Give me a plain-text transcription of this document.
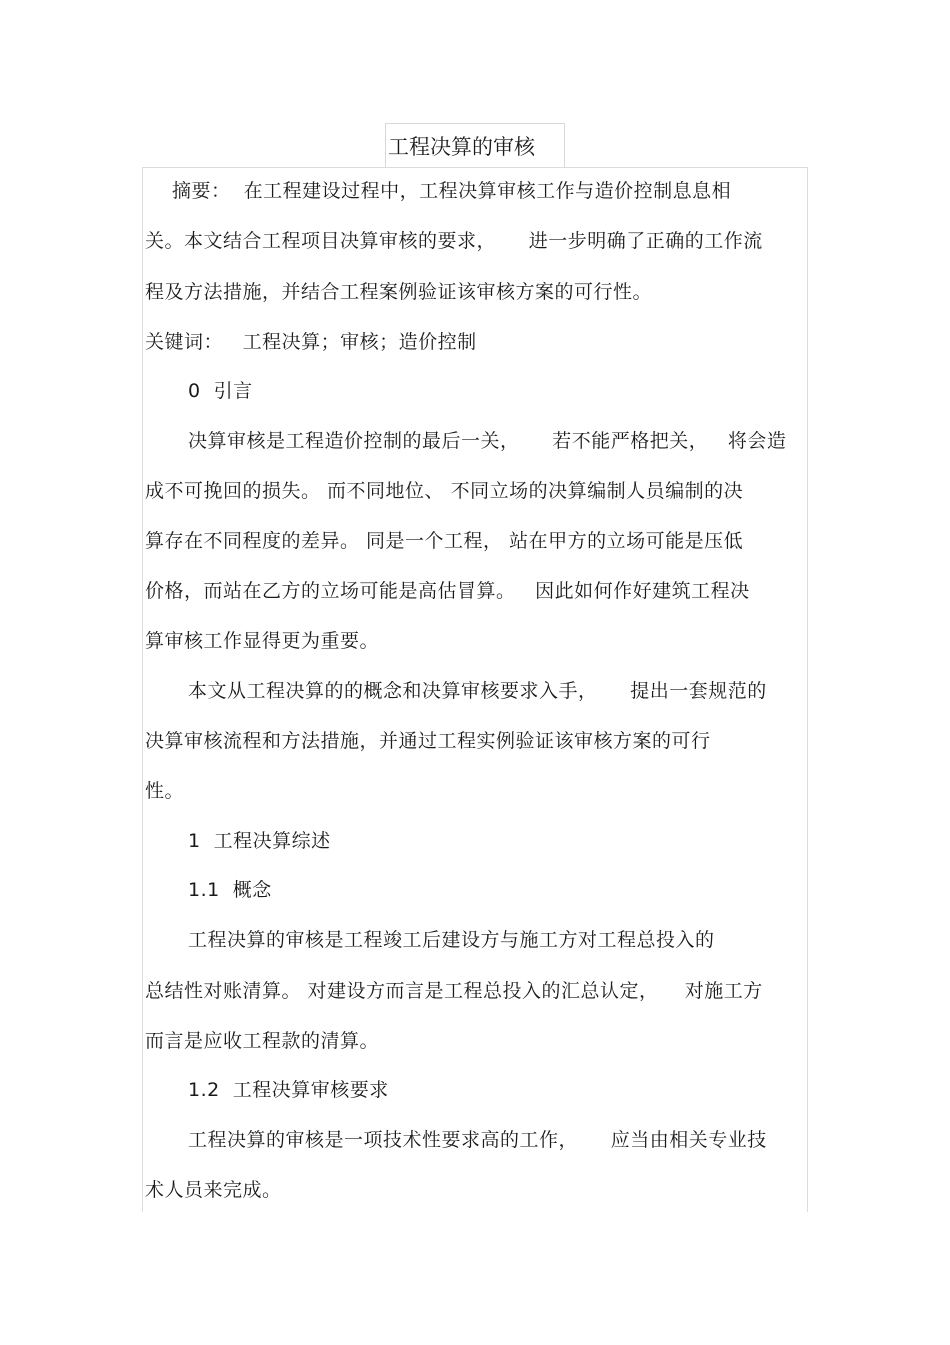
工程决算的审核
摘要：  在工程建设过程中，工程决算审核工作与造价控制息息相
关。本文结合工程项目决算审核的要求，     进一步明确了正确的工作流
程及方法措施，并结合工程案例验证该审核方案的可行性。
关键词：   工程决算；审核；造价控制
0  引言
决算审核是工程造价控制的最后一关，     若不能严格把关，   将会造
成不可挽回的损失。 而不同地位、 不同立场的决算编制人员编制的决
算存在不同程度的差异。 同是一个工程， 站在甲方的立场可能是压低
价格，而站在乙方的立场可能是高估冒算。   因此如何作好建筑工程决
算审核工作显得更为重要。
本文从工程决算的的概念和决算审核要求入手，     提出一套规范的
决算审核流程和方法措施，并通过工程实例验证该审核方案的可行
性。
1  工程决算综述
1.1  概念
工程决算的审核是工程竣工后建设方与施工方对工程总投入的
总结性对账清算。 对建设方而言是工程总投入的汇总认定，    对施工方
而言是应收工程款的清算。
1.2  工程决算审核要求
工程决算的审核是一项技术性要求高的工作，     应当由相关专业技
术人员来完成。
